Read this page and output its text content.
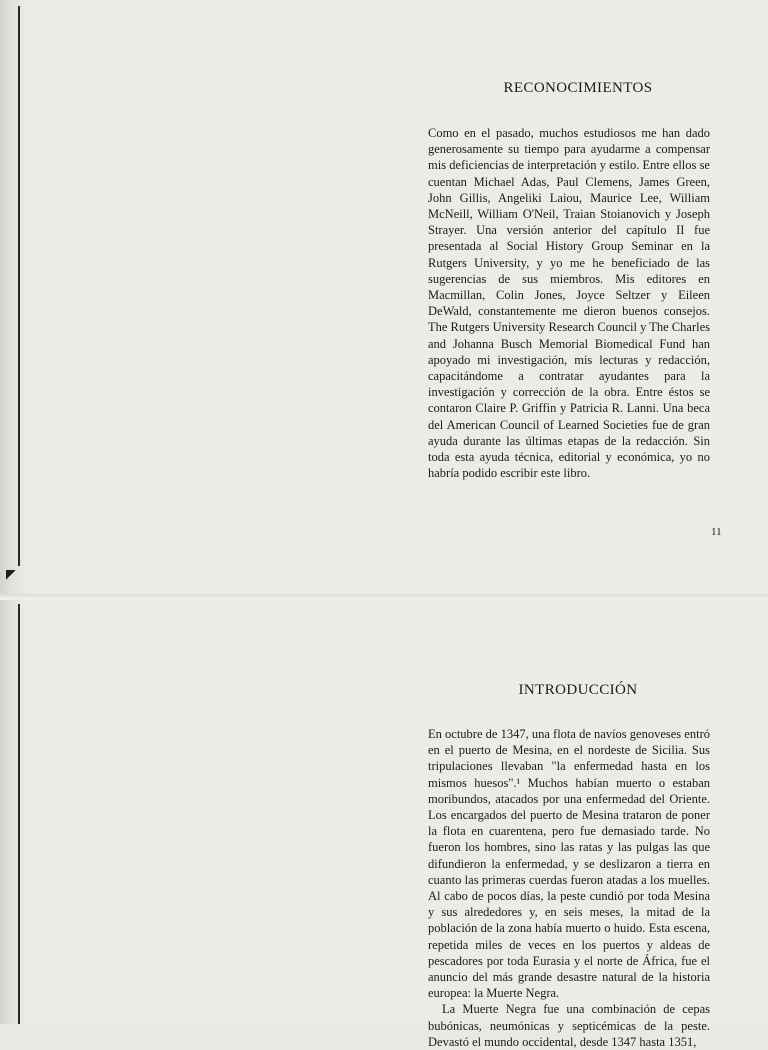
RECONOCIMIENTOS

Como en el pasado, muchos estudiosos me han dado generosamente su tiempo para ayudarme a compensar mis deficiencias de interpretación y estilo. Entre ellos se cuentan Michael Adas, Paul Clemens, James Green, John Gillis, Angeliki Laiou, Maurice Lee, William McNeill, William O'Neil, Traian Stoianovich y Joseph Strayer. Una versión anterior del capítulo II fue presentada al Social History Group Seminar en la Rutgers University, y yo me he beneficiado de las sugerencias de sus miembros. Mis editores en Macmillan, Colin Jones, Joyce Seltzer y Eileen DeWald, constantemente me dieron buenos consejos. The Rutgers University Research Council y The Charles and Johanna Busch Memorial Biomedical Fund han apoyado mi investigación, mis lecturas y redacción, capacitándome a contratar ayudantes para la investigación y corrección de la obra. Entre éstos se contaron Claire P. Griffin y Patricia R. Lanni. Una beca del American Council of Learned Societies fue de gran ayuda durante las últimas etapas de la redacción. Sin toda esta ayuda técnica, editorial y económica, yo no habría podido escribir este libro.

11

INTRODUCCIÓN

En octubre de 1347, una flota de navíos genoveses entró en el puerto de Mesina, en el nordeste de Sicilia. Sus tripulaciones llevaban "la enfermedad hasta en los mismos huesos".¹ Muchos habían muerto o estaban moribundos, atacados por una enfermedad del Oriente. Los encargados del puerto de Mesina trataron de poner la flota en cuarentena, pero fue demasiado tarde. No fueron los hombres, sino las ratas y las pulgas las que difundieron la enfermedad, y se deslizaron a tierra en cuanto las primeras cuerdas fueron atadas a los muelles. Al cabo de pocos días, la peste cundió por toda Mesina y sus alrededores y, en seis meses, la mitad de la población de la zona había muerto o huido. Esta escena, repetida miles de veces en los puertos y aldeas de pescadores por toda Eurasia y el norte de África, fue el anuncio del más grande desastre natural de la historia europea: la Muerte Negra.

La Muerte Negra fue una combinación de cepas bubónicas, neumónicas y septicémicas de la peste. Devastó el mundo occidental, desde 1347 hasta 1351,
